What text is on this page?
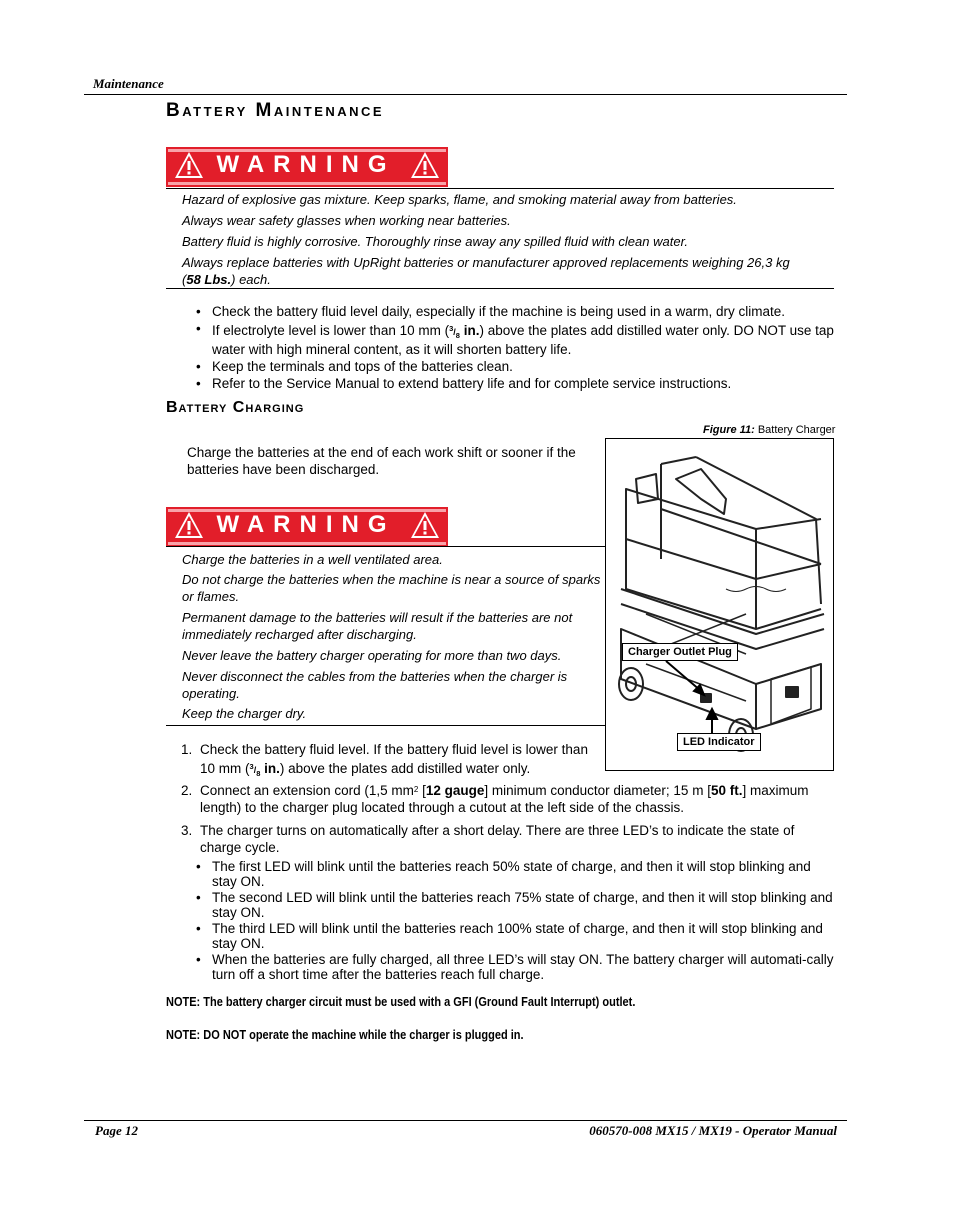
Maintenance
Battery Maintenance
WARNING

Hazard of explosive gas mixture. Keep sparks, flame, and smoking material away from batteries.

Always wear safety glasses when working near batteries.

Battery fluid is highly corrosive. Thoroughly rinse away any spilled fluid with clean water.

Always replace batteries with UpRight batteries or manufacturer approved replacements weighing 26,3 kg (58 Lbs.) each.

• Check the battery fluid level daily, especially if the machine is being used in a warm, dry climate.
• If electrolyte level is lower than 10 mm ($^3/_8$ in.) above the plates add distilled water only. DO NOT use tap water with high mineral content, as it will shorten battery life.
• Keep the terminals and tops of the batteries clean.
• Refer to the Service Manual to extend battery life and for complete service instructions.
Battery Charging
Figure 11: Battery Charger
Charge the batteries at the end of each work shift or sooner if the batteries have been discharged.
Charger Outlet Plug
LED Indicator
WARNING

Charge the batteries in a well ventilated area.

Do not charge the batteries when the machine is near a source of sparks or flames.

Permanent damage to the batteries will result if the batteries are not immediately recharged after discharging.

Never leave the battery charger operating for more than two days.

Never disconnect the cables from the batteries when the charger is operating.

Keep the charger dry.

1. Check the battery fluid level. If the battery fluid level is lower than 10 mm ($^3/_8$ in.) above the plates add distilled water only.
2. Connect an extension cord (1,5 $mm^2$ [12 gauge] minimum conductor diameter; 15 m [50 ft.] maximum length) to the charger plug located through a cutout at the left side of the chassis.
3. The charger turns on automatically after a short delay. There are three LED’s to indicate the state of charge cycle.
• The first LED will blink until the batteries reach 50% state of charge, and then it will stop blinking and stay ON.
• The second LED will blink until the batteries reach 75% state of charge, and then it will stop blinking and stay ON.
• The third LED will blink until the batteries reach 100% state of charge, and then it will stop blinking and stay ON.
• When the batteries are fully charged, all three LED’s will stay ON. The battery charger will automati-cally turn off a short time after the batteries reach full charge.
NOTE: The battery charger circuit must be used with a GFI (Ground Fault Interrupt) outlet.
NOTE: DO NOT operate the machine while the charger is plugged in.
Page 12	060570-008 MX15 / MX19 - Operator Manual
